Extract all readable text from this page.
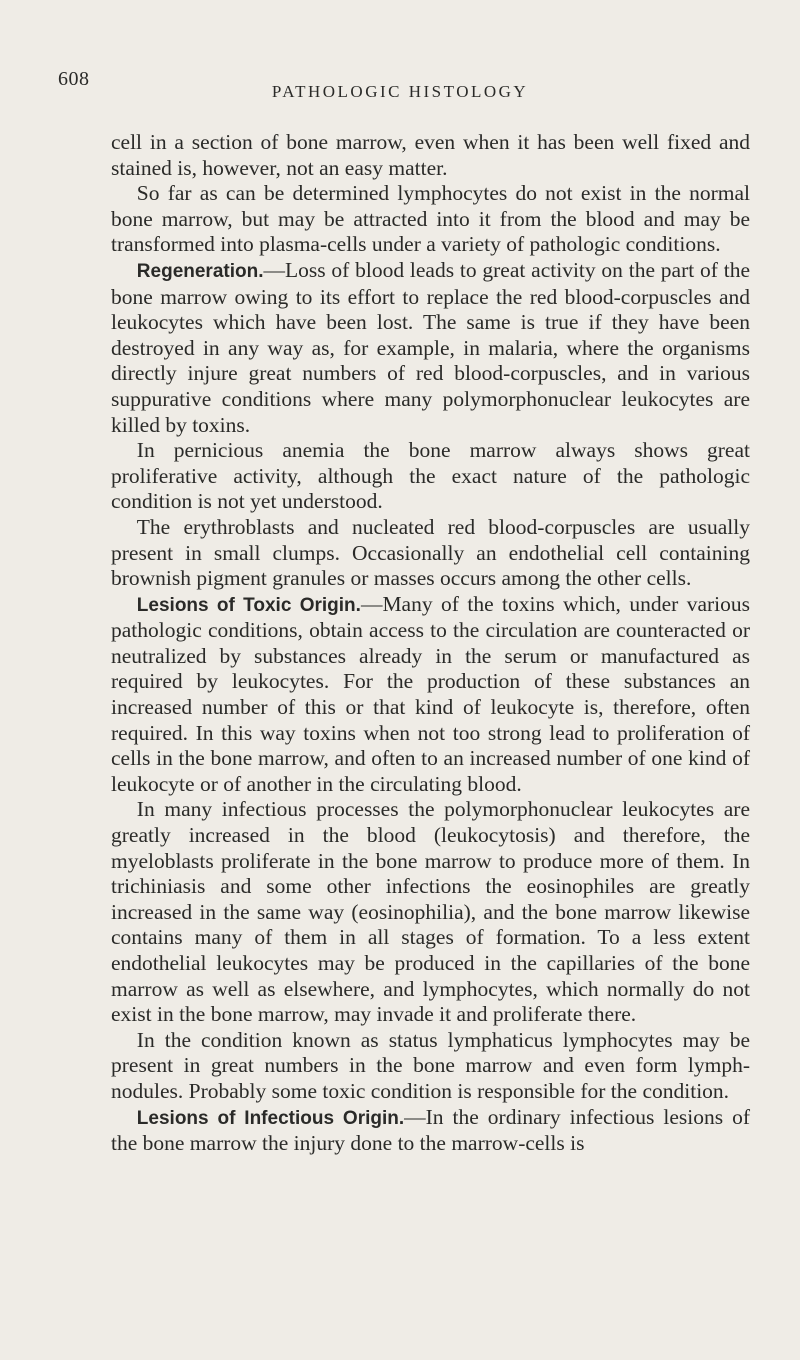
608
PATHOLOGIC HISTOLOGY

cell in a section of bone marrow, even when it has been well fixed and stained is, however, not an easy matter.

So far as can be determined lymphocytes do not exist in the normal bone marrow, but may be attracted into it from the blood and may be transformed into plasma-cells under a variety of pathologic conditions.

Regeneration.—Loss of blood leads to great activity on the part of the bone marrow owing to its effort to replace the red blood-corpuscles and leukocytes which have been lost. The same is true if they have been destroyed in any way as, for example, in malaria, where the organisms directly injure great numbers of red blood-corpuscles, and in various suppurative conditions where many polymorphonuclear leukocytes are killed by toxins.

In pernicious anemia the bone marrow always shows great proliferative activity, although the exact nature of the pathologic condition is not yet understood.

The erythroblasts and nucleated red blood-corpuscles are usually present in small clumps. Occasionally an endothelial cell containing brownish pigment granules or masses occurs among the other cells.

Lesions of Toxic Origin.—Many of the toxins which, under various pathologic conditions, obtain access to the circulation are counteracted or neutralized by substances already in the serum or manufactured as required by leukocytes. For the production of these substances an increased number of this or that kind of leukocyte is, therefore, often required. In this way toxins when not too strong lead to proliferation of cells in the bone marrow, and often to an increased number of one kind of leukocyte or of another in the circulating blood.

In many infectious processes the polymorphonuclear leukocytes are greatly increased in the blood (leukocytosis) and therefore, the myeloblasts proliferate in the bone marrow to produce more of them. In trichiniasis and some other infections the eosinophiles are greatly increased in the same way (eosinophilia), and the bone marrow likewise contains many of them in all stages of formation. To a less extent endothelial leukocytes may be produced in the capillaries of the bone marrow as well as elsewhere, and lymphocytes, which normally do not exist in the bone marrow, may invade it and proliferate there.

In the condition known as status lymphaticus lymphocytes may be present in great numbers in the bone marrow and even form lymph-nodules. Probably some toxic condition is responsible for the condition.

Lesions of Infectious Origin.—In the ordinary infectious lesions of the bone marrow the injury done to the marrow-cells is
